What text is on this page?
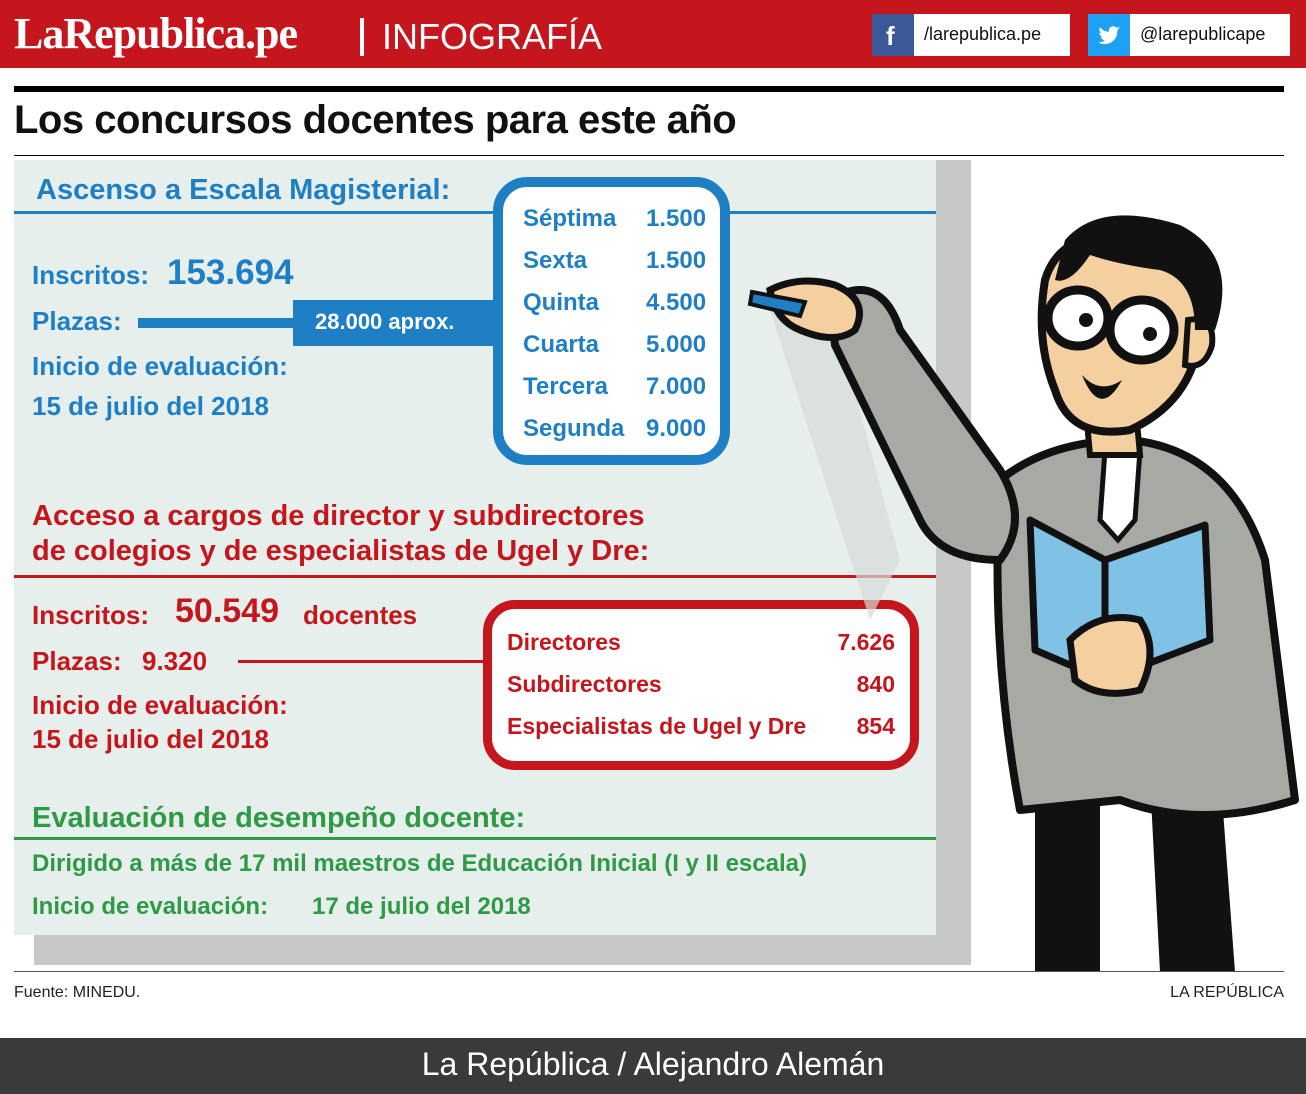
LaRepublica.pe INFOGRAFÍA	f /larepublica.pe	@larepublicape
Los concursos docentes para este año
Ascenso a Escala Magisterial:
Inscritos: 153.694
Plazas:	28.000 aprox.
Inicio de evaluación:
15 de julio del 2018
Séptima 1.500
Sexta 1.500
Quinta 4.500
Cuarta 5.000
Tercera 7.000
Segunda 9.000
Acceso a cargos de director y subdirectores
de colegios y de especialistas de Ugel y Dre:
Inscritos: 50.549 docentes
Plazas: 9.320
Inicio de evaluación:
15 de julio del 2018
Directores	7.626
Subdirectores	840
Especialistas de Ugel y Dre 854
Evaluación de desempeño docente:
Dirigido a más de 17 mil maestros de Educación Inicial (I y II escala)
Inicio de evaluación: 17 de julio del 2018
Fuente: MINEDU.	LA REPÚBLICA
La República / Alejandro Alemán
